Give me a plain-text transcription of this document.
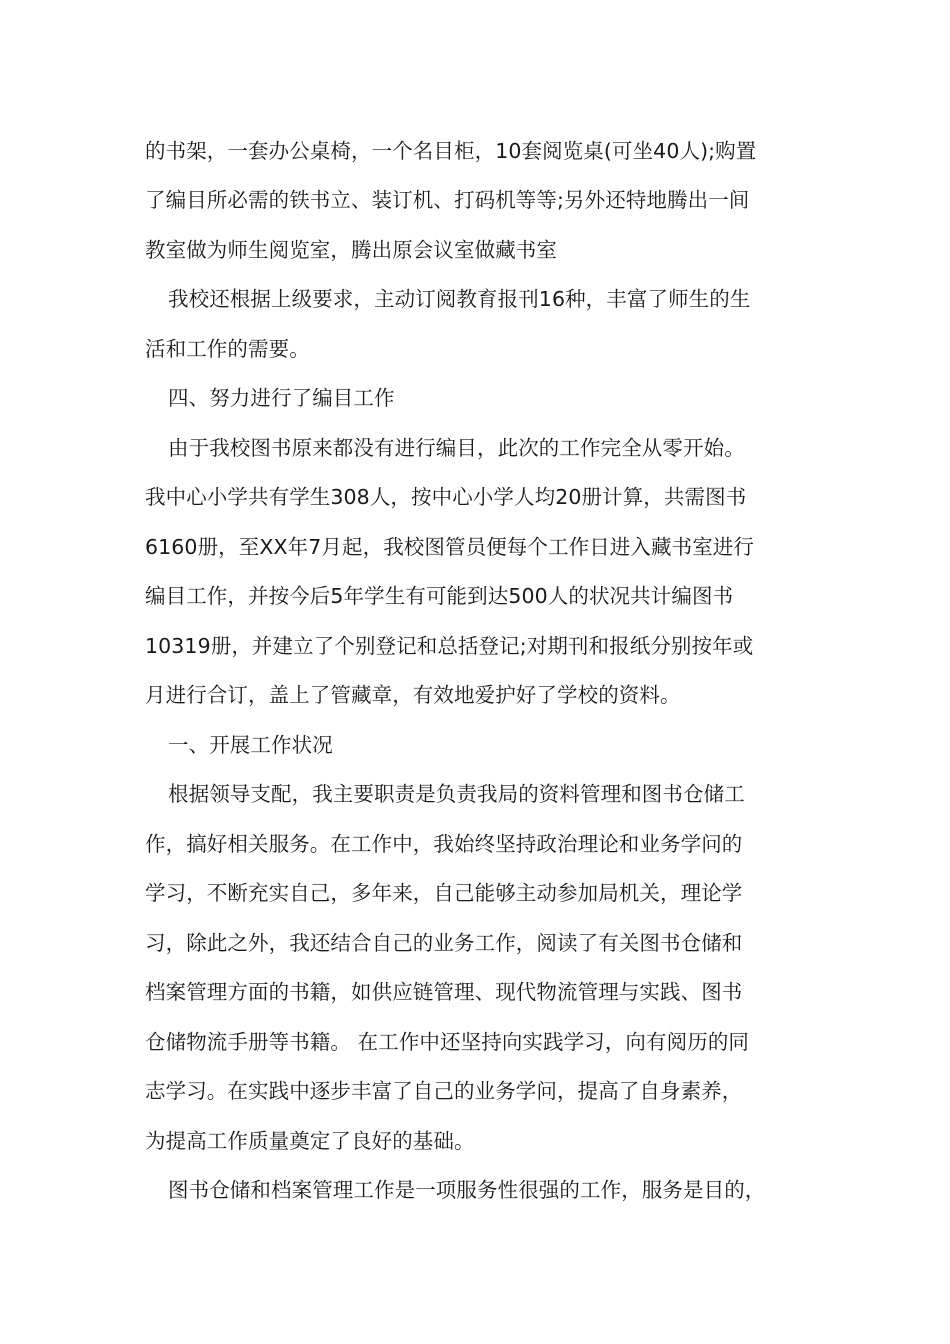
的书架，一套办公桌椅，一个名目柜，10套阅览桌(可坐40人);购置
了编目所必需的铁书立、装订机、打码机等等;另外还特地腾出一间
教室做为师生阅览室，腾出原会议室做藏书室
我校还根据上级要求，主动订阅教育报刊16种，丰富了师生的生
活和工作的需要。
四、努力进行了编目工作
由于我校图书原来都没有进行编目，此次的工作完全从零开始。
我中心小学共有学生308人，按中心小学人均20册计算，共需图书
6160册，至XX年7月起，我校图管员便每个工作日进入藏书室进行
编目工作，并按今后5年学生有可能到达500人的状况共计编图书
10319册，并建立了个别登记和总括登记;对期刊和报纸分别按年或
月进行合订，盖上了管藏章，有效地爱护好了学校的资料。
一、开展工作状况
根据领导支配，我主要职责是负责我局的资料管理和图书仓储工
作，搞好相关服务。在工作中，我始终坚持政治理论和业务学问的
学习，不断充实自己，多年来，自己能够主动参加局机关，理论学
习，除此之外，我还结合自己的业务工作，阅读了有关图书仓储和
档案管理方面的书籍，如供应链管理、现代物流管理与实践、图书
仓储物流手册等书籍。 在工作中还坚持向实践学习，向有阅历的同
志学习。在实践中逐步丰富了自己的业务学问，提高了自身素养，
为提高工作质量奠定了良好的基础。
图书仓储和档案管理工作是一项服务性很强的工作，服务是目的，
